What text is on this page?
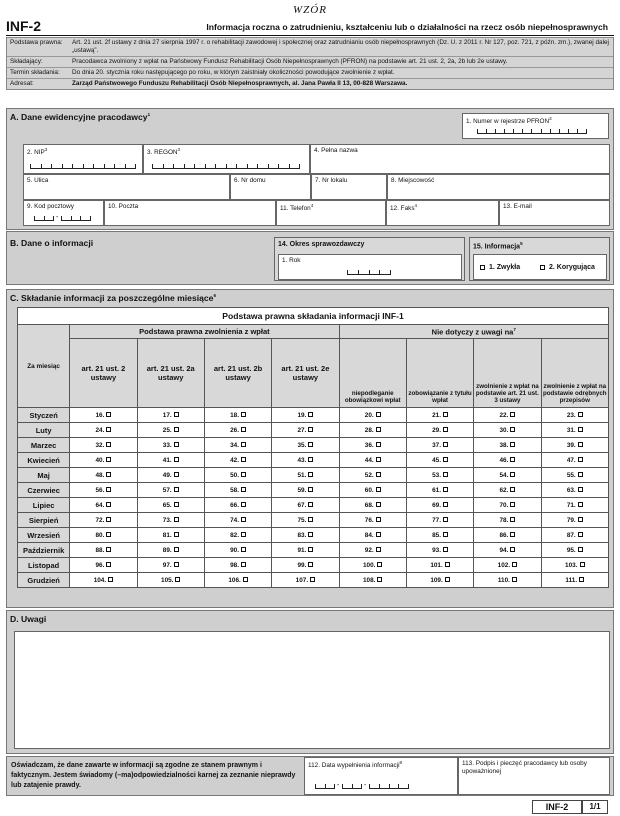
WZÓR
INF-2	Informacja roczna o zatrudnieniu, kształceniu lub o działalności na rzecz osób niepełnosprawnych
Podstawa prawna:	Art. 21 ust. 2f ustawy z dnia 27 sierpnia 1997 r. o rehabilitacji zawodowej i społecznej oraz zatrudnianiu osób niepełnosprawnych (Dz. U. z 2011 r. Nr 127, poz. 721, z późn. zm.), zwanej dalej „ustawą”.
Składający:	Pracodawca zwolniony z wpłat na Państwowy Fundusz Rehabilitacji Osób Niepełnosprawnych (PFRON) na podstawie art. 21 ust. 2, 2a, 2b lub 2e ustawy.
Termin składania:	Do dnia 20. stycznia roku następującego po roku, w którym zaistniały okoliczności powodujące zwolnienie z wpłat.
Adresat:	Zarząd Państwowego Funduszu Rehabilitacji Osób Niepełnosprawnych, al. Jana Pawła II 13, 00-828 Warszawa.
A. Dane ewidencyjne pracodawcy$^1$
1. Numer w rejestrze PFRON$^3$
2. NIP$^3$	3. REGON$^3$	4. Pełna nazwa
5. Ulica	6. Nr domu	7. Nr lokalu	8. Miejscowość
9. Kod pocztowy
-
10. Poczta	11. Telefon$^4$	12. Faks$^4$	13. E-mail
B. Dane o informacji	14. Okres sprawozdawczy
1. Rok
15. Informacja$^5$
1. Zwykła	2. Korygująca
C. Składanie informacji za poszczególne miesiące$^6$
Podstawa prawna składania informacji INF-1								
Za miesiąc	Podstawa prawna zwolnienia z wpłat				Nie dotyczy z uwagi $na^7$
	art. 21 ust. 2 ustawy	art. 21 ust. 2a ustawy	art. 21 ust. 2b ustawy	art. 21 ust. 2e ustawy	niepodleganie obowiązkowi wpłat	zobowiązanie z tytułu wpłat	zwolnienie z wpłat na podstawie art. 21 ust. 3 ustawy	zwolnienie z wpłat na podstawie odrębnych przepisów
Styczeń	16.	17.	18.	19.	20.	21.	22.	23.
Luty	24.	25.	26.	27.	28.	29.	30.	31.
Marzec	32.	33.	34.	35.	36.	37.	38.	39.
Kwiecień	40.	41.	42.	43.	44.	45.	46.	47.
Maj	48.	49.	50.	51.	52.	53.	54.	55.
Czerwiec	56.	57.	58.	59.	60.	61.	62.	63.
Lipiec	64.	65.	66.	67.	68.	69.	70.	71.
Sierpień	72.	73.	74.	75.	76.	77.	78.	79.
Wrzesień	80.	81.	82.	83.	84.	85.	86.	87.
Październik	88.	89.	90.	91.	92.	93.	94.	95.
Listopad	96.	97.	98.	99.	100.	101.	102.	103.
Grudzień	104.	105.	106.	107.	108.	109.	110.	111.
D. Uwagi
Oświadczam, że dane zawarte w informacji są zgodne ze stanem prawnym i faktycznym. Jestem świadomy (–ma)odpowiedzialności karnej za zeznanie nieprawdy lub zatajenie prawdy.
112. Data wypełnienia informacji$^8$
-	-
113. Podpis i pieczęć pracodawcy lub osoby upoważnionej
INF-2	1/1
